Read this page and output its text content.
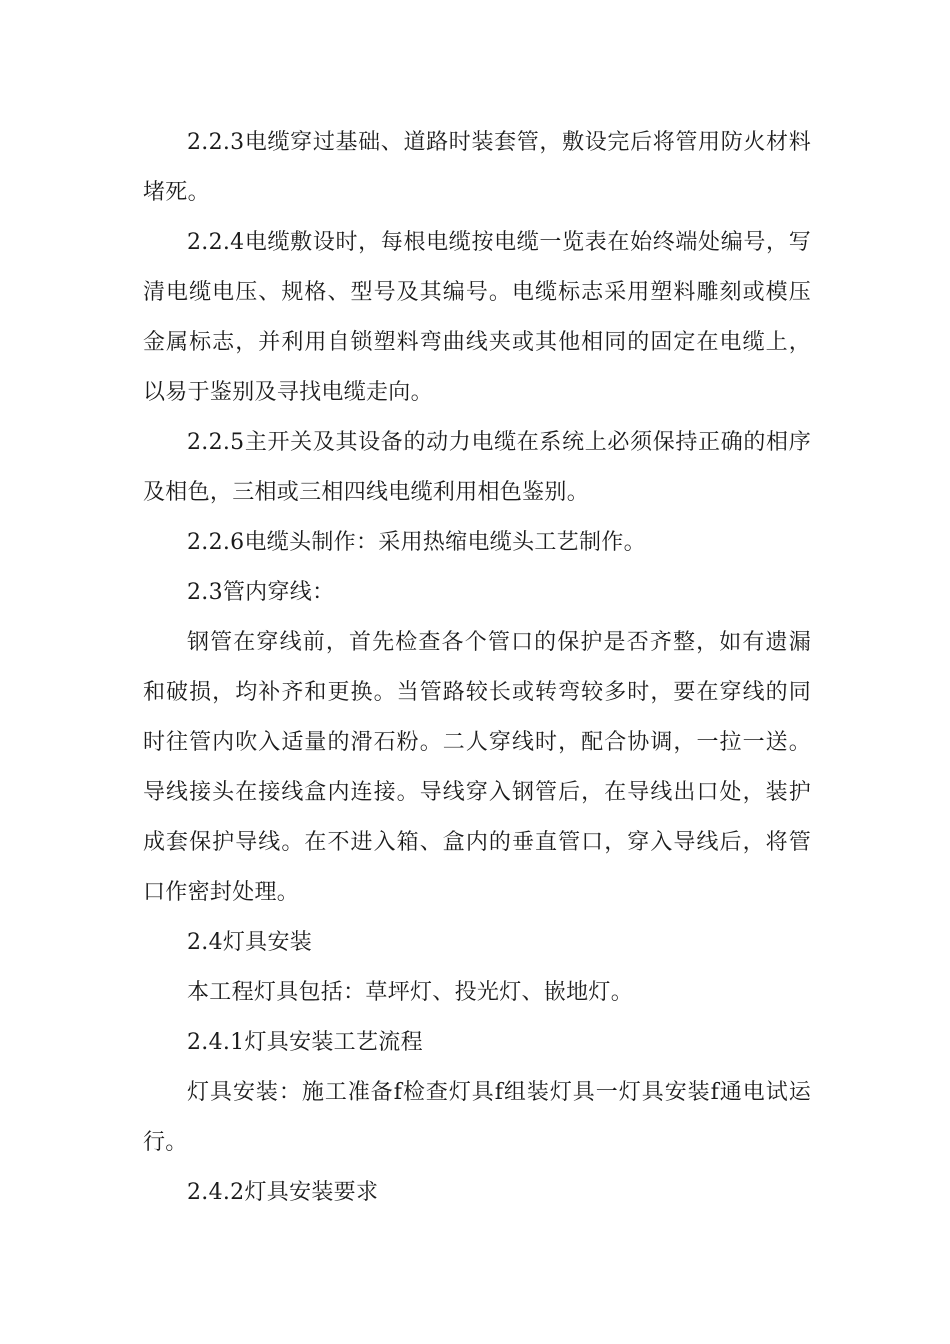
2.2.3电缆穿过基础、道路时装套管，敷设完后将管用防火材料堵死。

2.2.4电缆敷设时，每根电缆按电缆一览表在始终端处编号，写清电缆电压、规格、型号及其编号。电缆标志采用塑料雕刻或模压金属标志，并利用自锁塑料弯曲线夹或其他相同的固定在电缆上，以易于鉴别及寻找电缆走向。

2.2.5主开关及其设备的动力电缆在系统上必须保持正确的相序及相色，三相或三相四线电缆利用相色鉴别。

2.2.6电缆头制作：采用热缩电缆头工艺制作。

2.3管内穿线：

钢管在穿线前，首先检查各个管口的保护是否齐整，如有遗漏和破损，均补齐和更换。当管路较长或转弯较多时，要在穿线的同时往管内吹入适量的滑石粉。二人穿线时，配合协调，一拉一送。导线接头在接线盒内连接。导线穿入钢管后，在导线出口处，装护成套保护导线。在不进入箱、盒内的垂直管口，穿入导线后，将管口作密封处理。

2.4灯具安装

本工程灯具包括：草坪灯、投光灯、嵌地灯。

2.4.1灯具安装工艺流程

灯具安装：施工准备f检查灯具f组装灯具一灯具安装f通电试运行。

2.4.2灯具安装要求
